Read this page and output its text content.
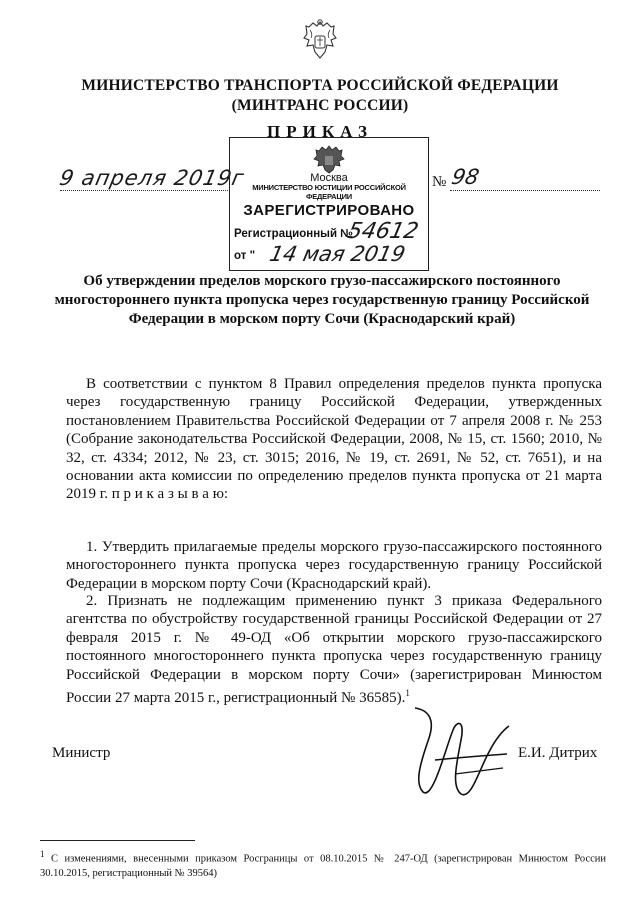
МИНИСТЕРСТВО ТРАНСПОРТА РОССИЙСКОЙ ФЕДЕРАЦИИ
(МИНТРАНС РОССИИ)
ПРИКАЗ
9 апреля 2019г	№ 98
Москва
МИНИСТЕРСТВО ЮСТИЦИИ РОССИЙСКОЙ ФЕДЕРАЦИИ
ЗАРЕГИСТРИРОВАНО
Регистрационный №
54612
от " 14 мая 2019
Об утверждении пределов морского грузо-пассажирского постоянного многостороннего пункта пропуска через государственную границу Российской Федерации в морском порту Сочи (Краснодарский край)
В соответствии с пунктом 8 Правил определения пределов пункта пропуска через государственную границу Российской Федерации, утвержденных постановлением Правительства Российской Федерации от 7 апреля 2008 г. № 253 (Собрание законодательства Российской Федерации, 2008, № 15, ст. 1560; 2010, № 32, ст. 4334; 2012, № 23, ст. 3015; 2016, № 19, ст. 2691, № 52, ст. 7651), и на основании акта комиссии по определению пределов пункта пропуска от 21 марта 2019 г. п р и к а з ы в а ю:
1. Утвердить прилагаемые пределы морского грузо-пассажирского постоянного многостороннего пункта пропуска через государственную границу Российской Федерации в морском порту Сочи (Краснодарский край).
2. Признать не подлежащим применению пункт 3 приказа Федерального агентства по обустройству государственной границы Российской Федерации от 27 февраля 2015 г. № 49-ОД «Об открытии морского грузо-пассажирского постоянного многостороннего пункта пропуска через государственную границу Российской Федерации в морском порту Сочи» (зарегистрирован Минюстом России 27 марта 2015 г., регистрационный № 36585).$^1$
Министр	Е.И. Дитрих
$^1$ С изменениями, внесенными приказом Росграницы от 08.10.2015 № 247-ОД (зарегистрирован Минюстом России 30.10.2015, регистрационный № 39564)
